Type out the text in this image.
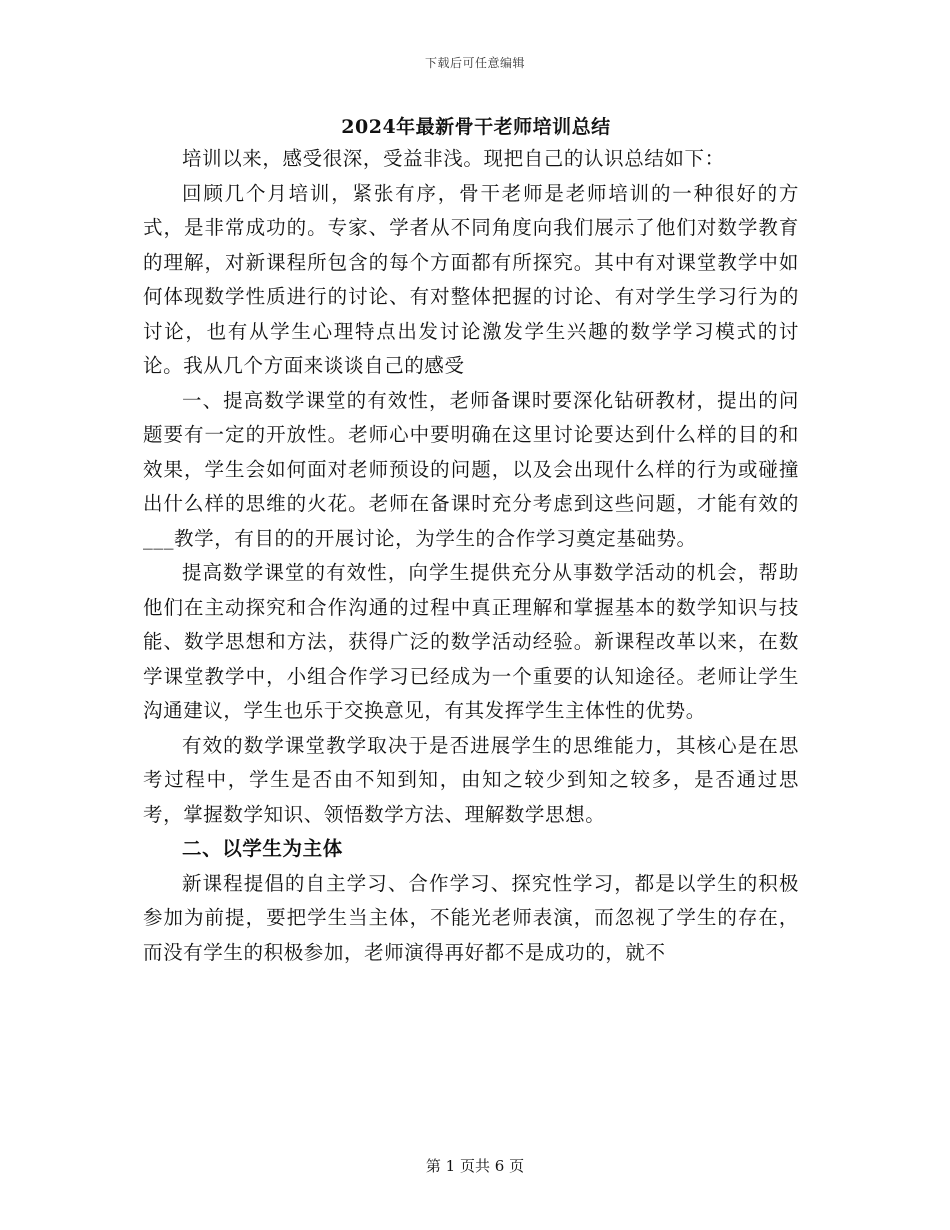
下载后可任意编辑
2024年最新骨干老师培训总结

培训以来，感受很深，受益非浅。现把自己的认识总结如下：

回顾几个月培训，紧张有序，骨干老师是老师培训的一种很好的方式，是非常成功的。专家、学者从不同角度向我们展示了他们对数学教育的理解，对新课程所包含的每个方面都有所探究。其中有对课堂教学中如何体现数学性质进行的讨论、有对整体把握的讨论、有对学生学习行为的讨论，也有从学生心理特点出发讨论激发学生兴趣的数学学习模式的讨论。我从几个方面来谈谈自己的感受

一、提高数学课堂的有效性，老师备课时要深化钻研教材，提出的问题要有一定的开放性。老师心中要明确在这里讨论要达到什么样的目的和效果，学生会如何面对老师预设的问题，以及会出现什么样的行为或碰撞出什么样的思维的火花。老师在备课时充分考虑到这些问题，才能有效的___教学，有目的的开展讨论，为学生的合作学习奠定基础势。

提高数学课堂的有效性，向学生提供充分从事数学活动的机会，帮助他们在主动探究和合作沟通的过程中真正理解和掌握基本的数学知识与技能、数学思想和方法，获得广泛的数学活动经验。新课程改革以来，在数学课堂教学中，小组合作学习已经成为一个重要的认知途径。老师让学生沟通建议，学生也乐于交换意见，有其发挥学生主体性的优势。

有效的数学课堂教学取决于是否进展学生的思维能力，其核心是在思考过程中，学生是否由不知到知，由知之较少到知之较多，是否通过思考，掌握数学知识、领悟数学方法、理解数学思想。

二、以学生为主体

新课程提倡的自主学习、合作学习、探究性学习，都是以学生的积极参加为前提，要把学生当主体，不能光老师表演，而忽视了学生的存在，而没有学生的积极参加，老师演得再好都不是成功的，就不

第 1 页共 6 页
